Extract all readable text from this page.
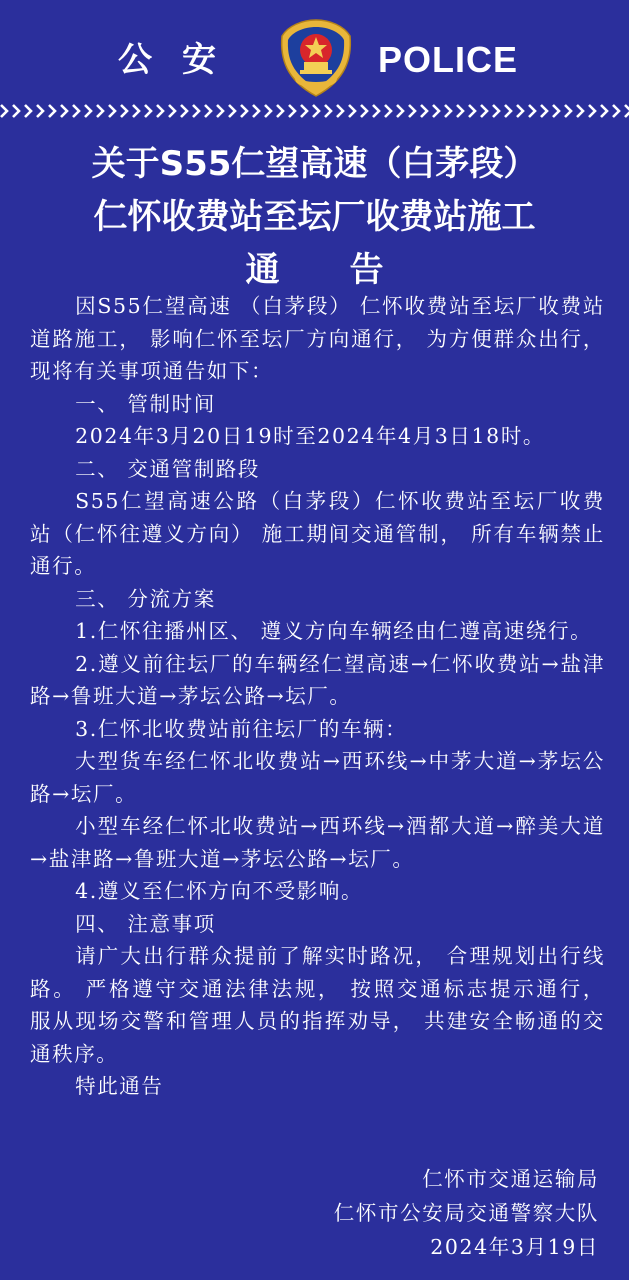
公安	POLICE
关于S55仁望高速（白茅段）
仁怀收费站至坛厂收费站施工
通告

因S55仁望高速 （白茅段） 仁怀收费站至坛厂收费站道路施工， 影响仁怀至坛厂方向通行， 为方便群众出行， 现将有关事项通告如下：

一、 管制时间

2024年3月20日19时至2024年4月3日18时。

二、 交通管制路段

S55仁望高速公路（白茅段）仁怀收费站至坛厂收费站（仁怀往遵义方向） 施工期间交通管制， 所有车辆禁止通行。

三、 分流方案

1.仁怀往播州区、 遵义方向车辆经由仁遵高速绕行。

2.遵义前往坛厂的车辆经仁望高速→仁怀收费站→盐津路→鲁班大道→茅坛公路→坛厂。

3.仁怀北收费站前往坛厂的车辆：

大型货车经仁怀北收费站→西环线→中茅大道→茅坛公路→坛厂。

小型车经仁怀北收费站→西环线→酒都大道→醉美大道→盐津路→鲁班大道→茅坛公路→坛厂。

4.遵义至仁怀方向不受影响。

四、 注意事项

请广大出行群众提前了解实时路况， 合理规划出行线路。 严格遵守交通法律法规， 按照交通标志提示通行， 服从现场交警和管理人员的指挥劝导， 共建安全畅通的交通秩序。

特此通告

仁怀市交通运输局
仁怀市公安局交通警察大队
2024年3月19日
